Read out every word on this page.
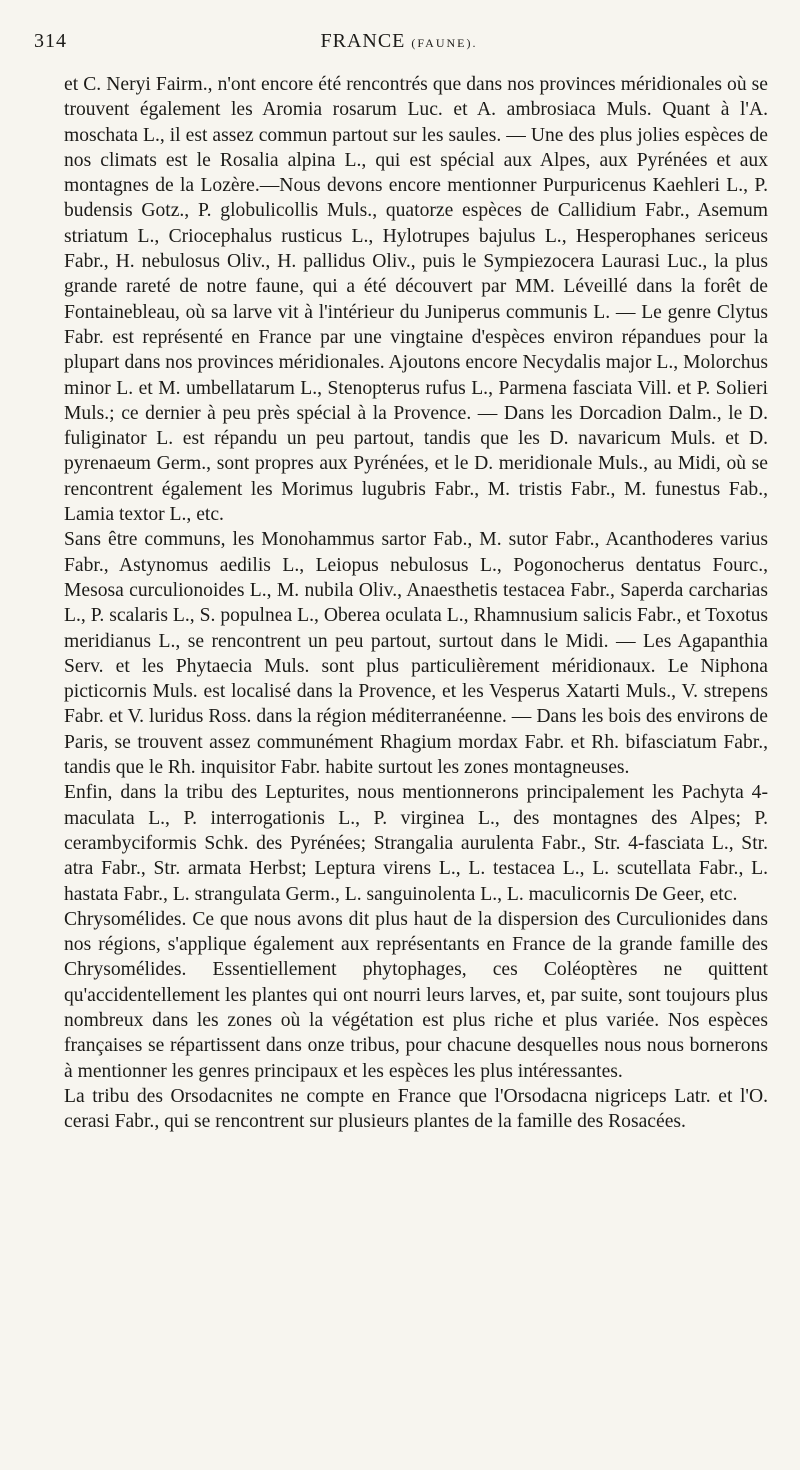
314	FRANCE (FAUNE).

et C. Neryi Fairm., n'ont encore été rencontrés que dans nos provinces méridionales où se trouvent également les Aromia rosarum Luc. et A. ambrosiaca Muls. Quant à l'A. moschata L., il est assez commun partout sur les saules. — Une des plus jolies espèces de nos climats est le Rosalia alpina L., qui est spécial aux Alpes, aux Pyrénées et aux montagnes de la Lozère.—Nous devons encore mentionner Purpuricenus Kaehleri L., P. budensis Gotz., P. globulicollis Muls., quatorze espèces de Callidium Fabr., Asemum striatum L., Criocephalus rusticus L., Hylotrupes bajulus L., Hesperophanes sericeus Fabr., H. nebulosus Oliv., H. pallidus Oliv., puis le Sympiezocera Laurasi Luc., la plus grande rareté de notre faune, qui a été découvert par MM. Léveillé dans la forêt de Fontainebleau, où sa larve vit à l'intérieur du Juniperus communis L. — Le genre Clytus Fabr. est représenté en France par une vingtaine d'espèces environ répandues pour la plupart dans nos provinces méridionales. Ajoutons encore Necydalis major L., Molorchus minor L. et M. umbellatarum L., Stenopterus rufus L., Parmena fasciata Vill. et P. Solieri Muls.; ce dernier à peu près spécial à la Provence. — Dans les Dorcadion Dalm., le D. fuliginator L. est répandu un peu partout, tandis que les D. navaricum Muls. et D. pyrenaeum Germ., sont propres aux Pyrénées, et le D. meridionale Muls., au Midi, où se rencontrent également les Morimus lugubris Fabr., M. tristis Fabr., M. funestus Fab., Lamia textor L., etc.

Sans être communs, les Monohammus sartor Fab., M. sutor Fabr., Acanthoderes varius Fabr., Astynomus aedilis L., Leiopus nebulosus L., Pogonocherus dentatus Fourc., Mesosa curculionoides L., M. nubila Oliv., Anaesthetis testacea Fabr., Saperda carcharias L., P. scalaris L., S. populnea L., Oberea oculata L., Rhamnusium salicis Fabr., et Toxotus meridianus L., se rencontrent un peu partout, surtout dans le Midi. — Les Agapanthia Serv. et les Phytaecia Muls. sont plus particulièrement méridionaux. Le Niphona picticornis Muls. est localisé dans la Provence, et les Vesperus Xatarti Muls., V. strepens Fabr. et V. luridus Ross. dans la région méditerranéenne. — Dans les bois des environs de Paris, se trouvent assez communément Rhagium mordax Fabr. et Rh. bifasciatum Fabr., tandis que le Rh. inquisitor Fabr. habite surtout les zones montagneuses.

Enfin, dans la tribu des Lepturites, nous mentionnerons principalement les Pachyta 4-maculata L., P. interrogationis L., P. virginea L., des montagnes des Alpes; P. cerambyciformis Schk. des Pyrénées; Strangalia aurulenta Fabr., Str. 4-fasciata L., Str. atra Fabr., Str. armata Herbst; Leptura virens L., L. testacea L., L. scutellata Fabr., L. hastata Fabr., L. strangulata Germ., L. sanguinolenta L., L. maculicornis De Geer, etc.

Chrysomélides. Ce que nous avons dit plus haut de la dispersion des Curculionides dans nos régions, s'applique également aux représentants en France de la grande famille des Chrysomélides. Essentiellement phytophages, ces Coléoptères ne quittent qu'accidentellement les plantes qui ont nourri leurs larves, et, par suite, sont toujours plus nombreux dans les zones où la végétation est plus riche et plus variée. Nos espèces françaises se répartissent dans onze tribus, pour chacune desquelles nous nous bornerons à mentionner les genres principaux et les espèces les plus intéressantes.

La tribu des Orsodacnites ne compte en France que l'Orsodacna nigriceps Latr. et l'O. cerasi Fabr., qui se rencontrent sur plusieurs plantes de la famille des Rosacées.
